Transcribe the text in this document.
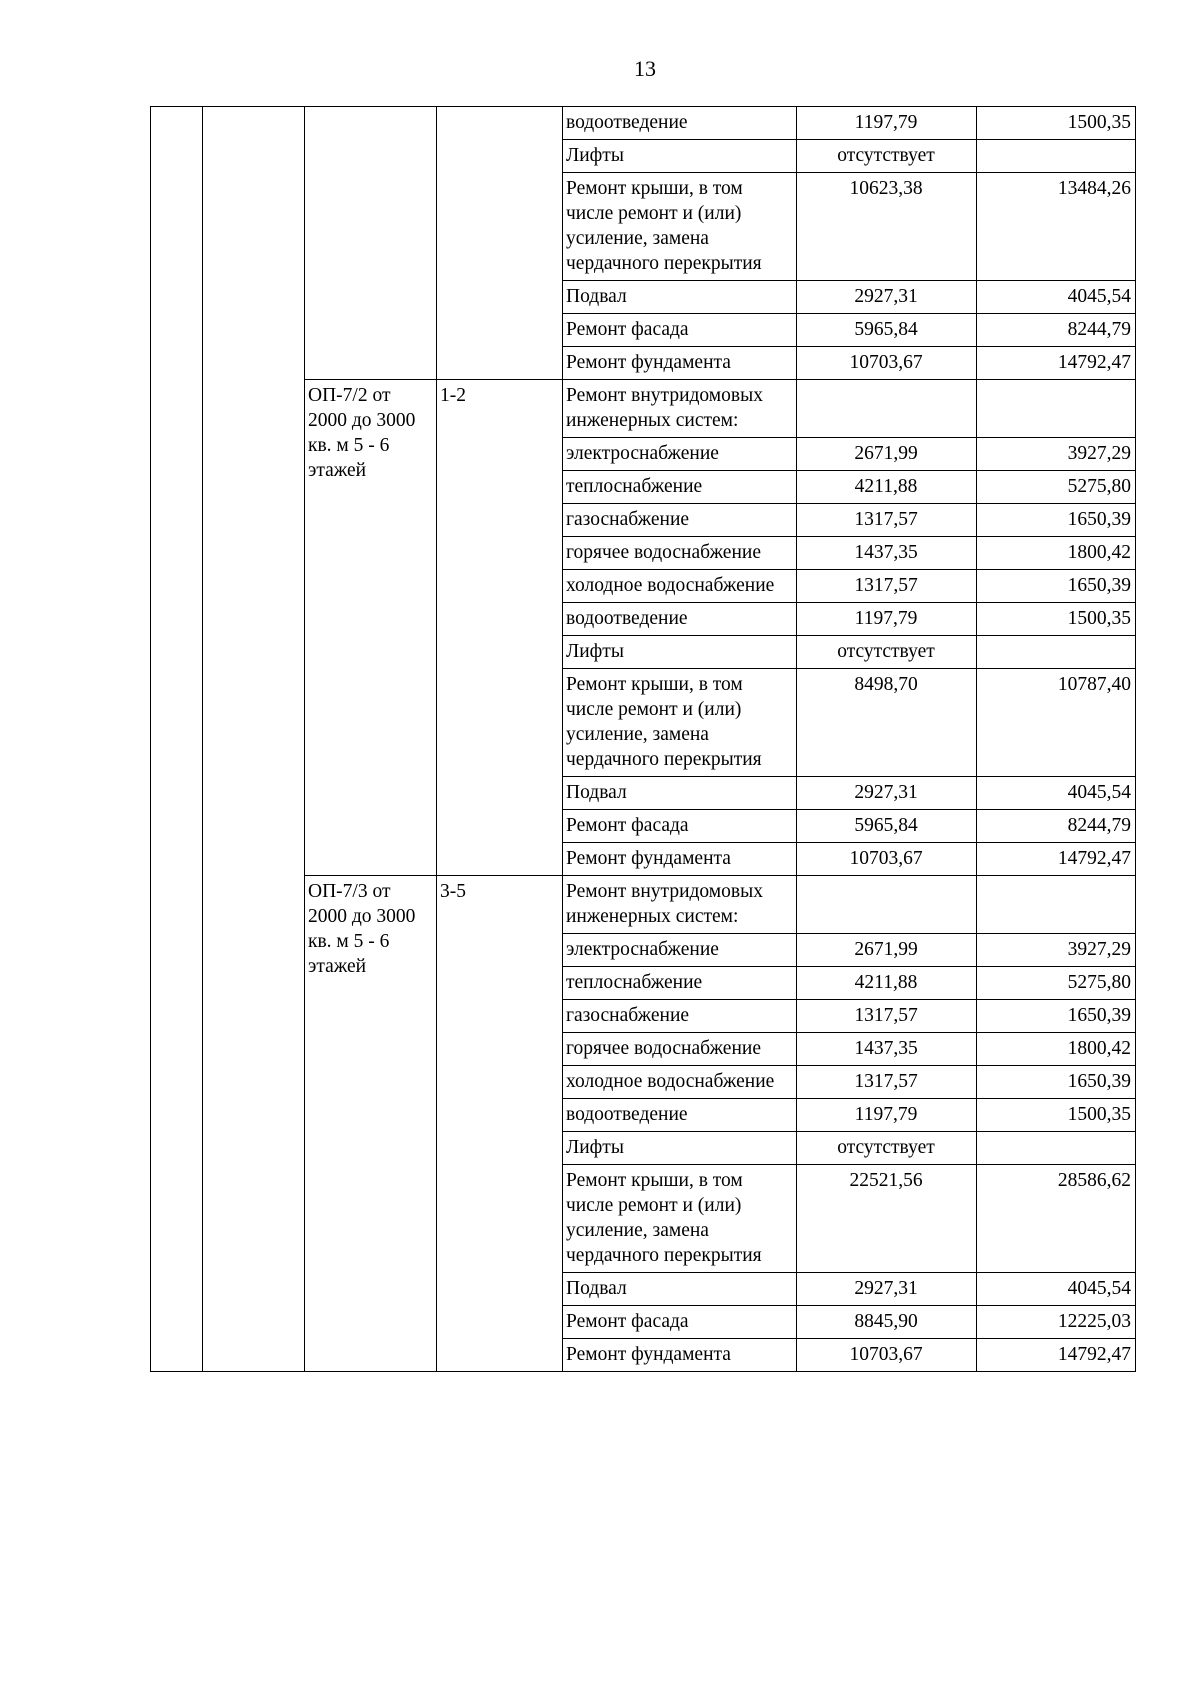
13
				водоотведение	1197,79	1500,35
				Лифты	отсутствует	
				Ремонт крыши, в том числе ремонт и (или) усиление, замена чердачного перекрытия	10623,38	13484,26
				Подвал	2927,31	4045,54
				Ремонт фасада	5965,84	8244,79
				Ремонт фундамента	10703,67	14792,47
		ОП-7/2 от 2000 до 3000 кв. м 5 - 6 этажей	1-2	Ремонт внутридомовых инженерных систем:		
				электроснабжение	2671,99	3927,29
				теплоснабжение	4211,88	5275,80
				газоснабжение	1317,57	1650,39
				горячее водоснабжение	1437,35	1800,42
				холодное водоснабжение	1317,57	1650,39
				водоотведение	1197,79	1500,35
				Лифты	отсутствует	
				Ремонт крыши, в том числе ремонт и (или) усиление, замена чердачного перекрытия	8498,70	10787,40
				Подвал	2927,31	4045,54
				Ремонт фасада	5965,84	8244,79
				Ремонт фундамента	10703,67	14792,47
		ОП-7/3 от 2000 до 3000 кв. м 5 - 6 этажей	3-5	Ремонт внутридомовых инженерных систем:		
				электроснабжение	2671,99	3927,29
				теплоснабжение	4211,88	5275,80
				газоснабжение	1317,57	1650,39
				горячее водоснабжение	1437,35	1800,42
				холодное водоснабжение	1317,57	1650,39
				водоотведение	1197,79	1500,35
				Лифты	отсутствует	
				Ремонт крыши, в том числе ремонт и (или) усиление, замена чердачного перекрытия	22521,56	28586,62
				Подвал	2927,31	4045,54
				Ремонт фасада	8845,90	12225,03
				Ремонт фундамента	10703,67	14792,47
